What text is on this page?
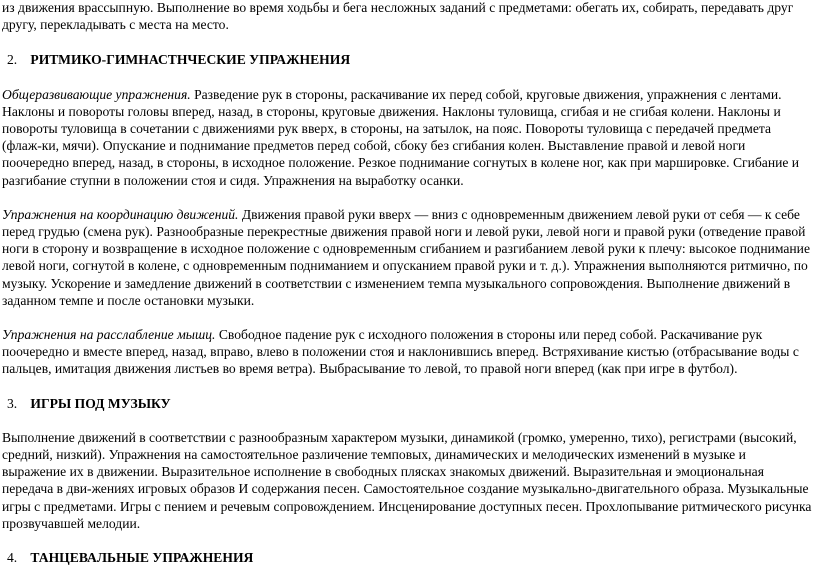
из движения врассыпную. Выполнение во время ходьбы и бега несложных заданий с предметами: обегать их, собирать, передавать друг другу, перекладывать с места на место.

2. РИТМИКО-ГИМНАСТНЧЕСКИЕ УПРАЖНЕНИЯ

Общеразвивающие упражнения. Разведение рук в стороны, раскачивание их перед собой, круговые движения, упражнения с лентами. Наклоны и повороты головы вперед, назад, в стороны, круговые движения. Наклоны туловища, сгибая и не сгибая колени. Наклоны и повороты туловища в сочетании с движениями рук вверх, в стороны, на затылок, на пояс. Повороты туловища с передачей предмета (флаж-ки, мячи). Опускание и поднимание предметов перед собой, сбоку без сгибания колен. Выставление правой и левой ноги поочередно вперед, назад, в стороны, в исходное положение. Резкое поднимание согнутых в колене ног, как при маршировке. Сгибание и разгибание ступни в положении стоя и сидя. Упражнения на выработку осанки.

Упражнения на координацию движений. Движения правой руки вверх — вниз с одновременным движением левой руки от себя — к себе перед грудью (смена рук). Разнообразные перекрестные движения правой ноги и левой руки, левой ноги и правой руки (отведение правой ноги в сторону и возвращение в исходное положение с одновременным сгибанием и разгибанием левой руки к плечу: высокое поднимание левой ноги, согнутой в колене, с одновременным подниманием и опусканием правой руки и т. д.). Упражнения выполняются ритмично, по музыку. Ускорение и замедление движений в соответствии с изменением темпа музыкального сопровождения. Выполнение движений в заданном темпе и после остановки музыки.

Упражнения на расслабление мышц. Свободное падение рук с исходного положения в стороны или перед собой. Раскачивание рук поочередно и вместе вперед, назад, вправо, влево в положении стоя и наклонившись вперед. Встряхивание кистью (отбрасывание воды с пальцев, имитация движения листьев во время ветра). Выбрасывание то левой, то правой ноги вперед (как при игре в футбол).

3. ИГРЫ ПОД МУЗЫКУ

Выполнение движений в соответствии с разнообразным характером музыки, динамикой (громко, умеренно, тихо), регистрами (высокий, средний, низкий). Упражнения на самостоятельное различение темповых, динамических и мелодических изменений в музыке и выражение их в движении. Выразительное исполнение в свободных плясках знакомых движений. Выразительная и эмоциональная передача в дви-жениях игровых образов И содержания песен. Самостоятельное создание музыкально-двигательного образа. Музыкальные игры с предметами. Игры с пением и речевым сопровождением. Инсценирование доступных песен. Прохлопывание ритмического рисунка прозвучавшей мелодии.

4. ТАНЦЕВАЛЬНЫЕ УПРАЖНЕНИЯ
